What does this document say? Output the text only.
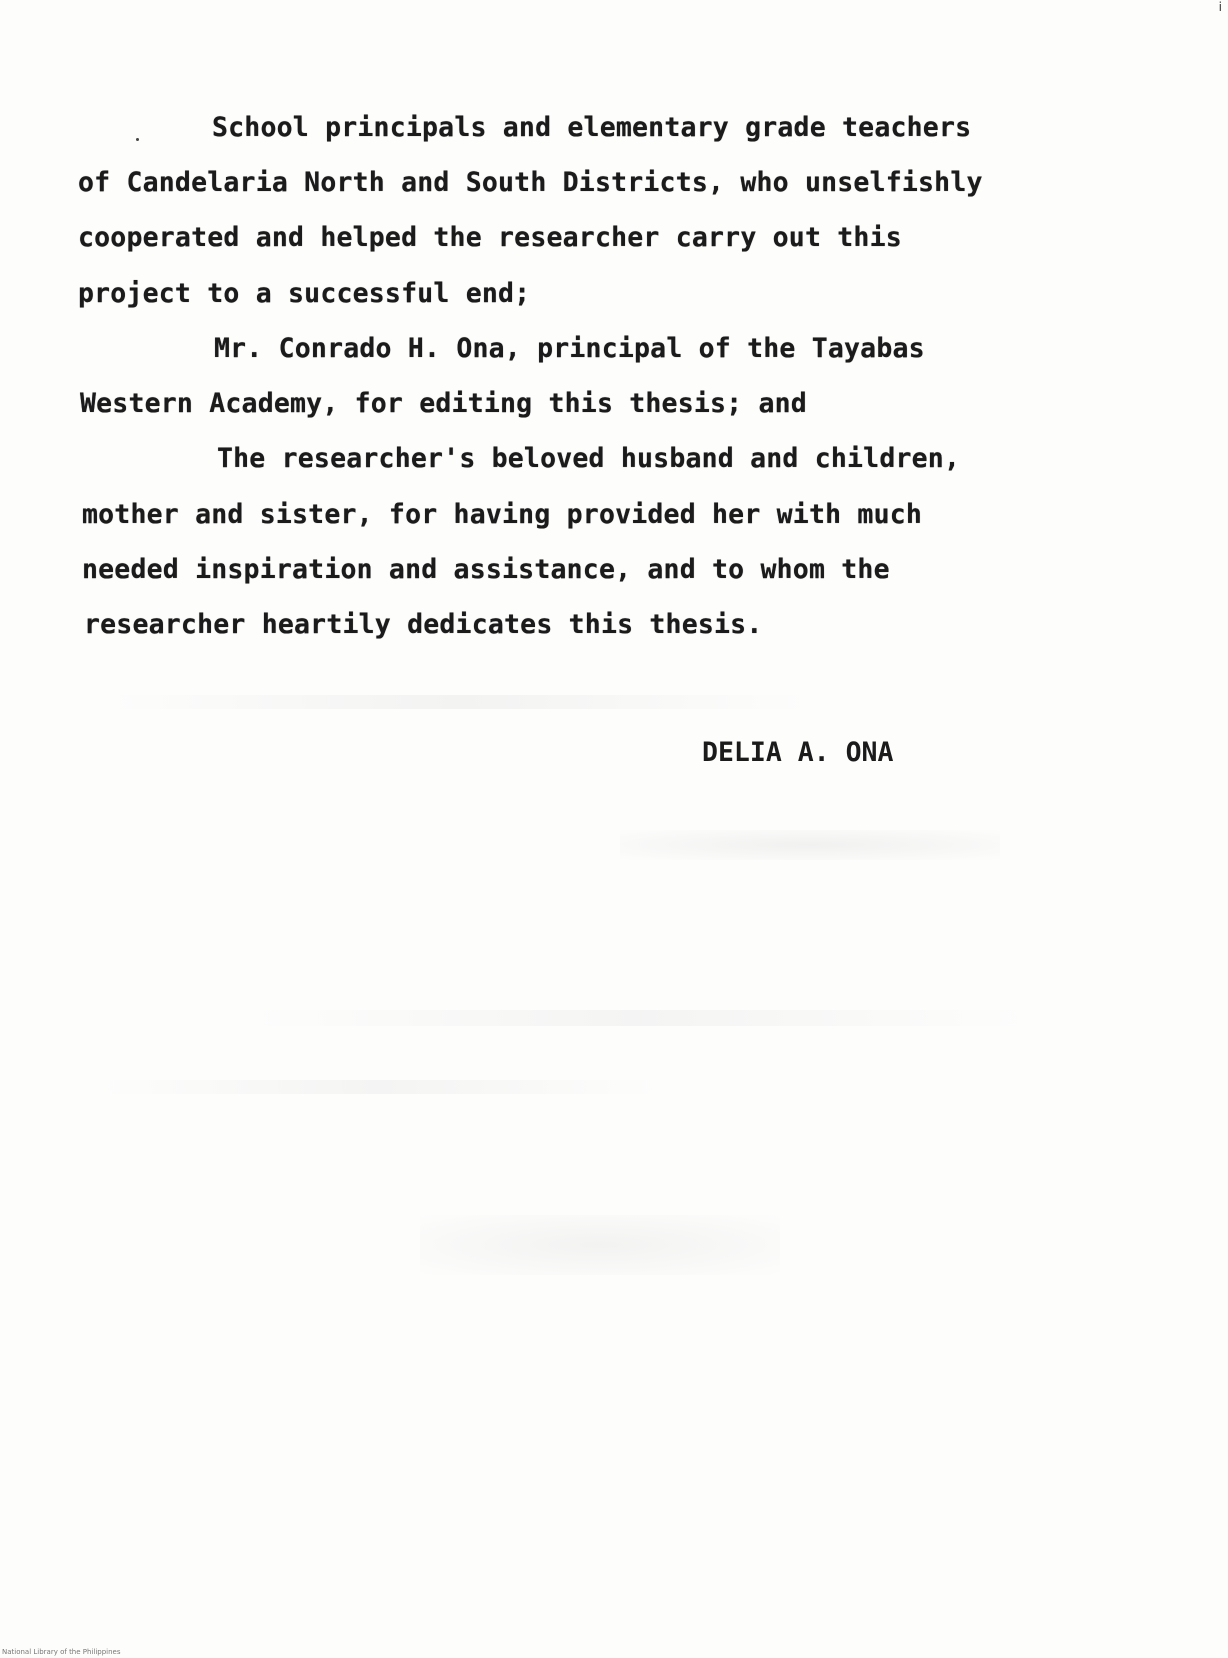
i
School principals and elementary grade teachers
of Candelaria North and South Districts, who unselfishly
cooperated and helped the researcher carry out this
project to a successful end;
Mr. Conrado H. Ona, principal of the Tayabas
Western Academy, for editing this thesis; and
The researcher's beloved husband and children,
mother and sister, for having provided her with much
needed inspiration and assistance, and to whom the
researcher heartily dedicates this thesis.
DELIA A. ONA
National Library of the Philippines
